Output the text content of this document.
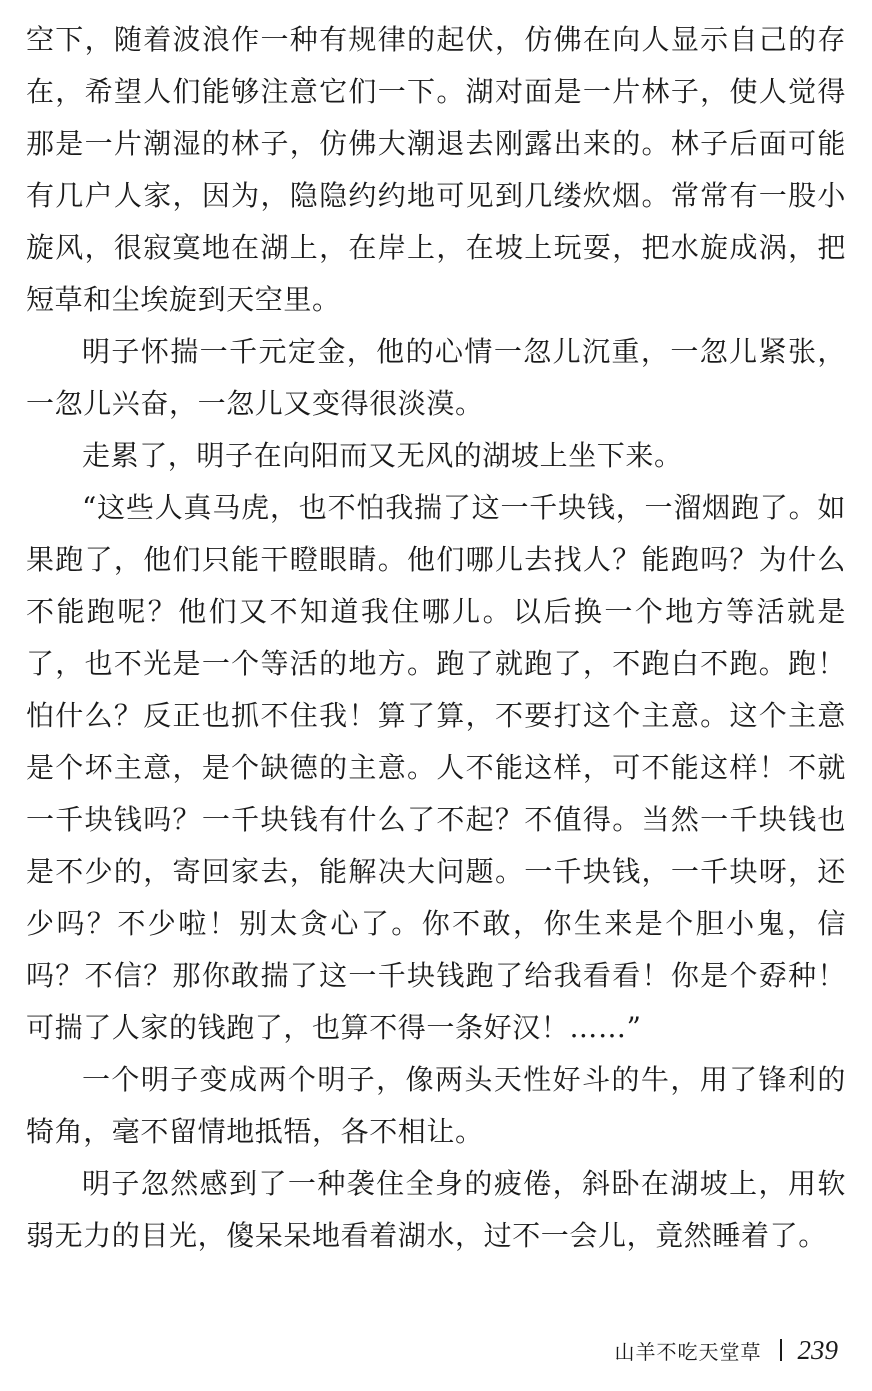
空下，随着波浪作一种有规律的起伏，仿佛在向人显示自己的存在，希望人们能够注意它们一下。湖对面是一片林子，使人觉得那是一片潮湿的林子，仿佛大潮退去刚露出来的。林子后面可能有几户人家，因为，隐隐约约地可见到几缕炊烟。常常有一股小旋风，很寂寞地在湖上，在岸上，在坡上玩耍，把水旋成涡，把短草和尘埃旋到天空里。

明子怀揣一千元定金，他的心情一忽儿沉重，一忽儿紧张，一忽儿兴奋，一忽儿又变得很淡漠。

走累了，明子在向阳而又无风的湖坡上坐下来。

“这些人真马虎，也不怕我揣了这一千块钱，一溜烟跑了。如果跑了，他们只能干瞪眼睛。他们哪儿去找人？能跑吗？为什么不能跑呢？他们又不知道我住哪儿。以后换一个地方等活就是了，也不光是一个等活的地方。跑了就跑了，不跑白不跑。跑！怕什么？反正也抓不住我！算了算，不要打这个主意。这个主意是个坏主意，是个缺德的主意。人不能这样，可不能这样！不就一千块钱吗？一千块钱有什么了不起？不值得。当然一千块钱也是不少的，寄回家去，能解决大问题。一千块钱，一千块呀，还少吗？不少啦！别太贪心了。你不敢，你生来是个胆小鬼，信吗？不信？那你敢揣了这一千块钱跑了给我看看！你是个孬种！可揣了人家的钱跑了，也算不得一条好汉！……”

一个明子变成两个明子，像两头天性好斗的牛，用了锋利的犄角，毫不留情地抵牾，各不相让。

明子忽然感到了一种袭住全身的疲倦，斜卧在湖坡上，用软弱无力的目光，傻呆呆地看着湖水，过不一会儿，竟然睡着了。

山羊不吃天堂草 239
